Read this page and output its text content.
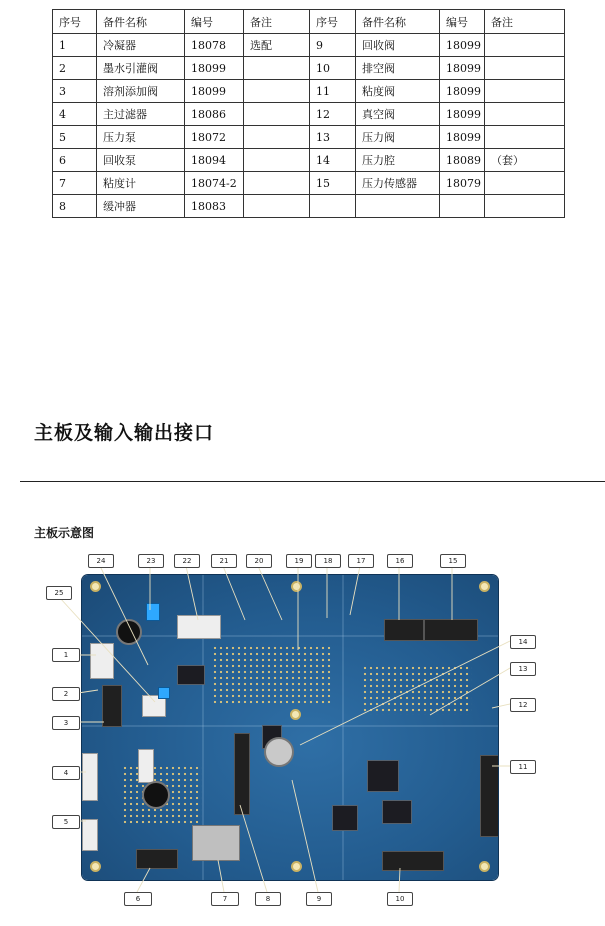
序号	备件名称	编号	备注	序号	备件名称	编号	备注
1	冷凝器	18078	选配	9	回收阀	18099	
2	墨水引灌阀	18099		10	排空阀	18099	
3	溶剂添加阀	18099		11	粘度阀	18099	
4	主过滤器	18086		12	真空阀	18099	
5	压力泵	18072		13	压力阀	18099	
6	回收泵	18094		14	压力腔	18089	（套）
7	粘度计	18074-2		15	压力传感器	18079	
8	缓冲器	18083					
主板及输入输出接口
主板示意图
1
2
3
4
5
6	7	8	9	10
11
12
13
14
15
16
17
18
19
20
21
22
23
24
25
